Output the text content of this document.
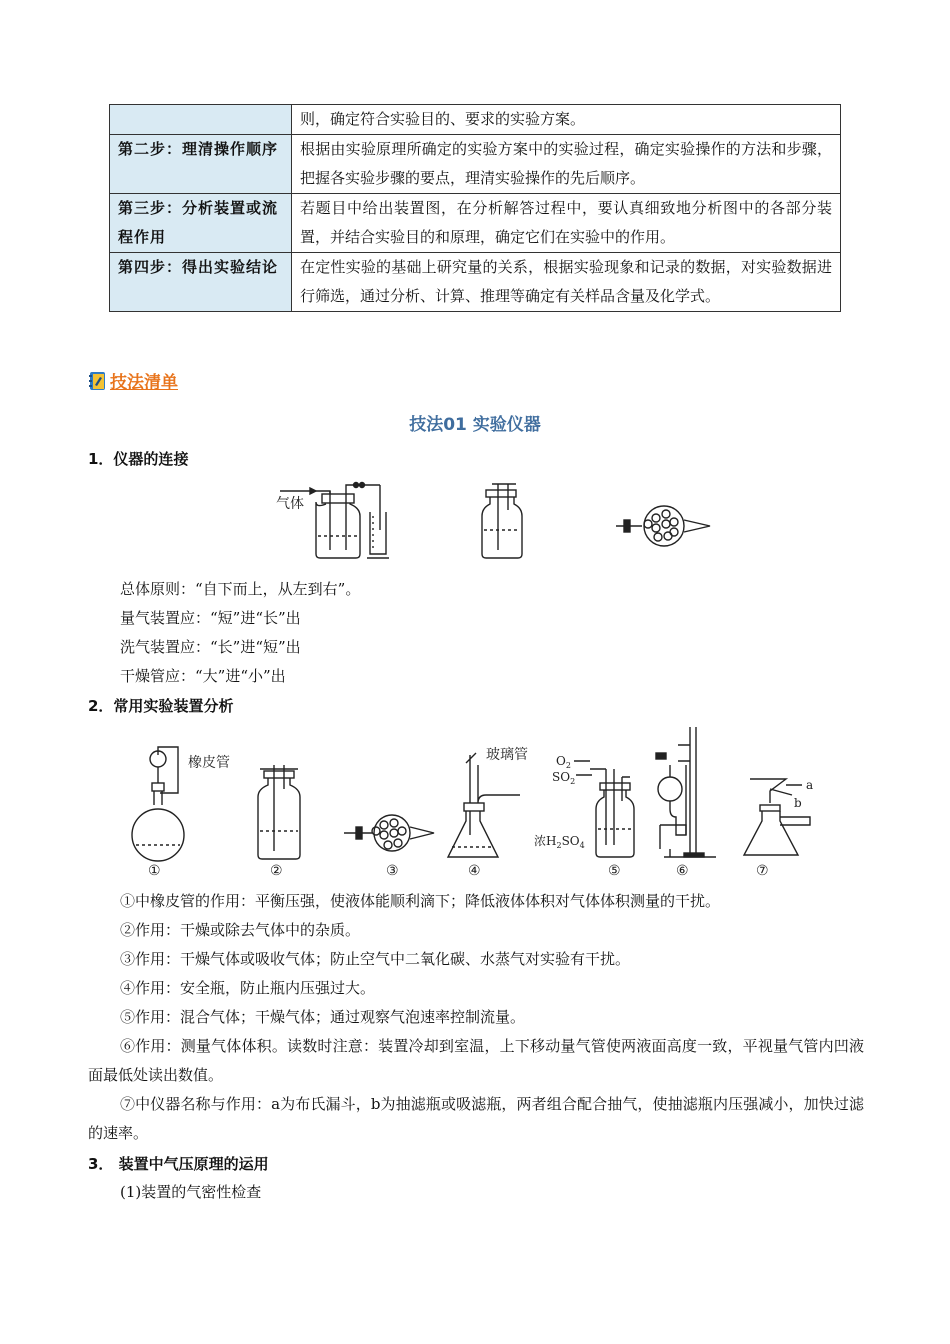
	则，确定符合实验目的、要求的实验方案。
第二步：理清操作顺序	根据由实验原理所确定的实验方案中的实验过程，确定实验操作的方法和步骤，把握各实验步骤的要点，理清实验操作的先后顺序。
第三步：分析装置或流程作用	若题目中给出装置图，在分析解答过程中，要认真细致地分析图中的各部分装置，并结合实验目的和原理，确定它们在实验中的作用。
第四步：得出实验结论	在定性实验的基础上研究量的关系，根据实验现象和记录的数据，对实验数据进行筛选，通过分析、计算、推理等确定有关样品含量及化学式。
技法清单
技法01 实验仪器
1．仪器的连接
气体
总体原则：“自下而上，从左到右”。
量气装置应：“短”进“长”出
洗气装置应：“长”进“短”出
干燥管应：“大”进“小”出
2．常用实验装置分析
橡皮管
①	②	③
玻璃管
④
$O_2$
$SO_2$
浓$H_2SO_4$
⑤	⑥
a
b
⑦
①中橡皮管的作用：平衡压强，使液体能顺利滴下；降低液体体积对气体体积测量的干扰。
②作用：干燥或除去气体中的杂质。
③作用：干燥气体或吸收气体；防止空气中二氧化碳、水蒸气对实验有干扰。
④作用：安全瓶，防止瓶内压强过大。
⑤作用：混合气体；干燥气体；通过观察气泡速率控制流量。
⑥作用：测量气体体积。读数时注意：装置冷却到室温，上下移动量气管使两液面高度一致，平视量气管内凹液面最低处读出数值。
⑦中仪器名称与作用：a为布氏漏斗，b为抽滤瓶或吸滤瓶，两者组合配合抽气，使抽滤瓶内压强减小，加快过滤的速率。
3． 装置中气压原理的运用
(1)装置的气密性检查
